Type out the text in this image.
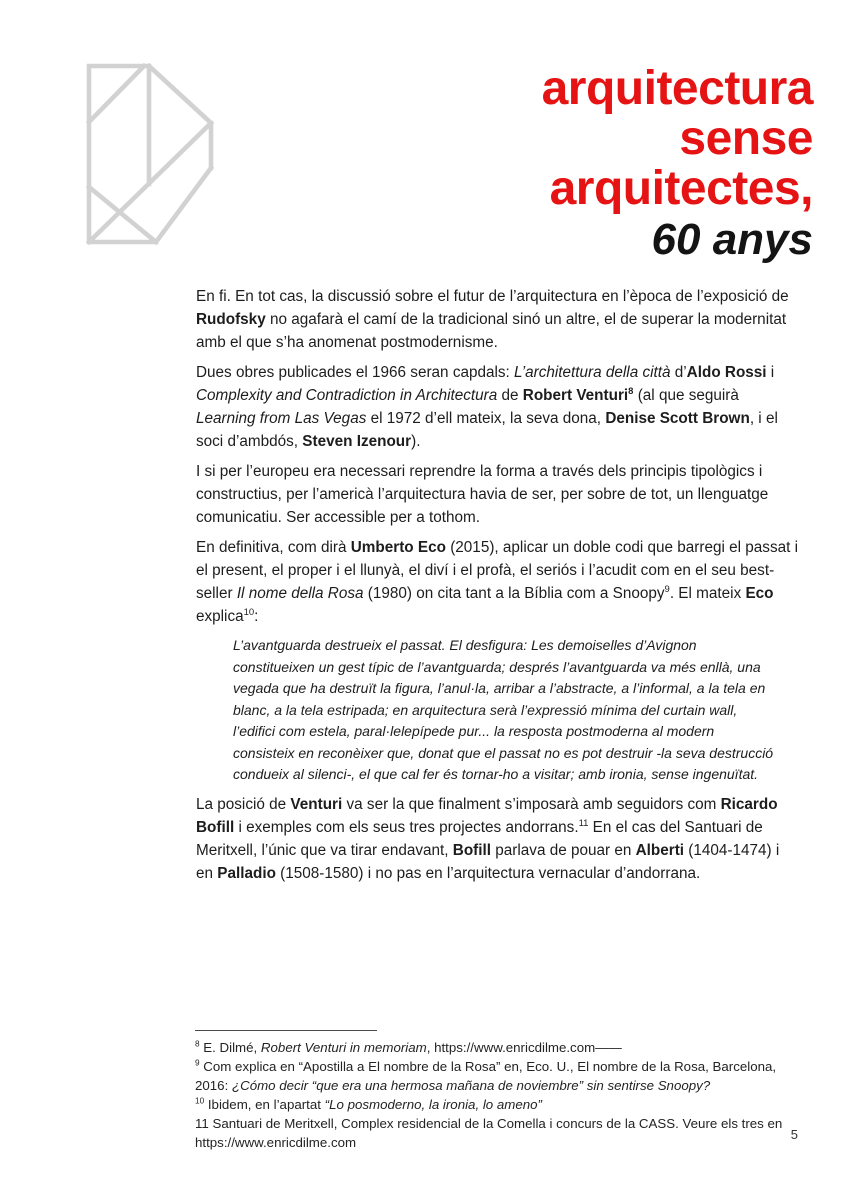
arquitectura
sense
arquitectes,
60 anys

En fi. En tot cas, la discussió sobre el futur de l’arquitectura en l’època de l’exposició de Rudofsky no agafarà el camí de la tradicional sinó un altre, el de superar la modernitat amb el que s’ha anomenat postmodernisme.

Dues obres publicades el 1966 seran capdals: L’architettura della città d’Aldo Rossi i Complexity and Contradiction in Architectura de Robert Venturi$^8$ (al que seguirà Learning from Las Vegas el 1972 d’ell mateix, la seva dona, Denise Scott Brown, i el soci d’ambdós, Steven Izenour).

I si per l’europeu era necessari reprendre la forma a través dels principis tipològics i constructius, per l’americà l’arquitectura havia de ser, per sobre de tot, un llenguatge comunicatiu. Ser accessible per a tothom.

En definitiva, com dirà Umberto Eco (2015), aplicar un doble codi que barregi el passat i el present, el proper i el llunyà, el diví i el profà, el seriós i l’acudit com en el seu best-seller Il nome della Rosa (1980) on cita tant a la Bíblia com a Snoopy$^9$. El mateix Eco explica$^{10}$:

L’avantguarda destrueix el passat. El desfigura: Les demoiselles d’Avignon constitueixen un gest típic de l’avantguarda; després l’avantguarda va més enllà, una vegada que ha destruït la figura, l’anul·la, arribar a l’abstracte, a l’informal, a la tela en blanc, a la tela estripada; en arquitectura serà l’expressió mínima del curtain wall, l’edifici com estela, paral·lelepípede pur... la resposta postmoderna al modern consisteix en reconèixer que, donat que el passat no es pot destruir -la seva destrucció condueix al silenci-, el que cal fer és tornar-ho a visitar; amb ironia, sense ingenuïtat.

La posició de Venturi va ser la que finalment s’imposarà amb seguidors com Ricardo Bofill i exemples com els seus tres projectes andorrans.$^{11}$ En el cas del Santuari de Meritxell, l’únic que va tirar endavant, Bofill parlava de pouar en Alberti (1404-1474) i en Palladio (1508-1580) i no pas en l’arquitectura vernacular d’andorrana.

$^8$ E. Dilmé, Robert Venturi in memoriam, https://www.enricdilme.com——

$^9$ Com explica en “Apostilla a El nombre de la Rosa” en, Eco. U., El nombre de la Rosa, Barcelona, 2016: ¿Cómo decir “que era una hermosa mañana de noviembre” sin sentirse Snoopy?

$^{10}$ Ibidem, en l’apartat “Lo posmoderno, la ironia, lo ameno”

11 Santuari de Meritxell, Complex residencial de la Comella i concurs de la CASS. Veure els tres en https://www.enricdilme.com

5
